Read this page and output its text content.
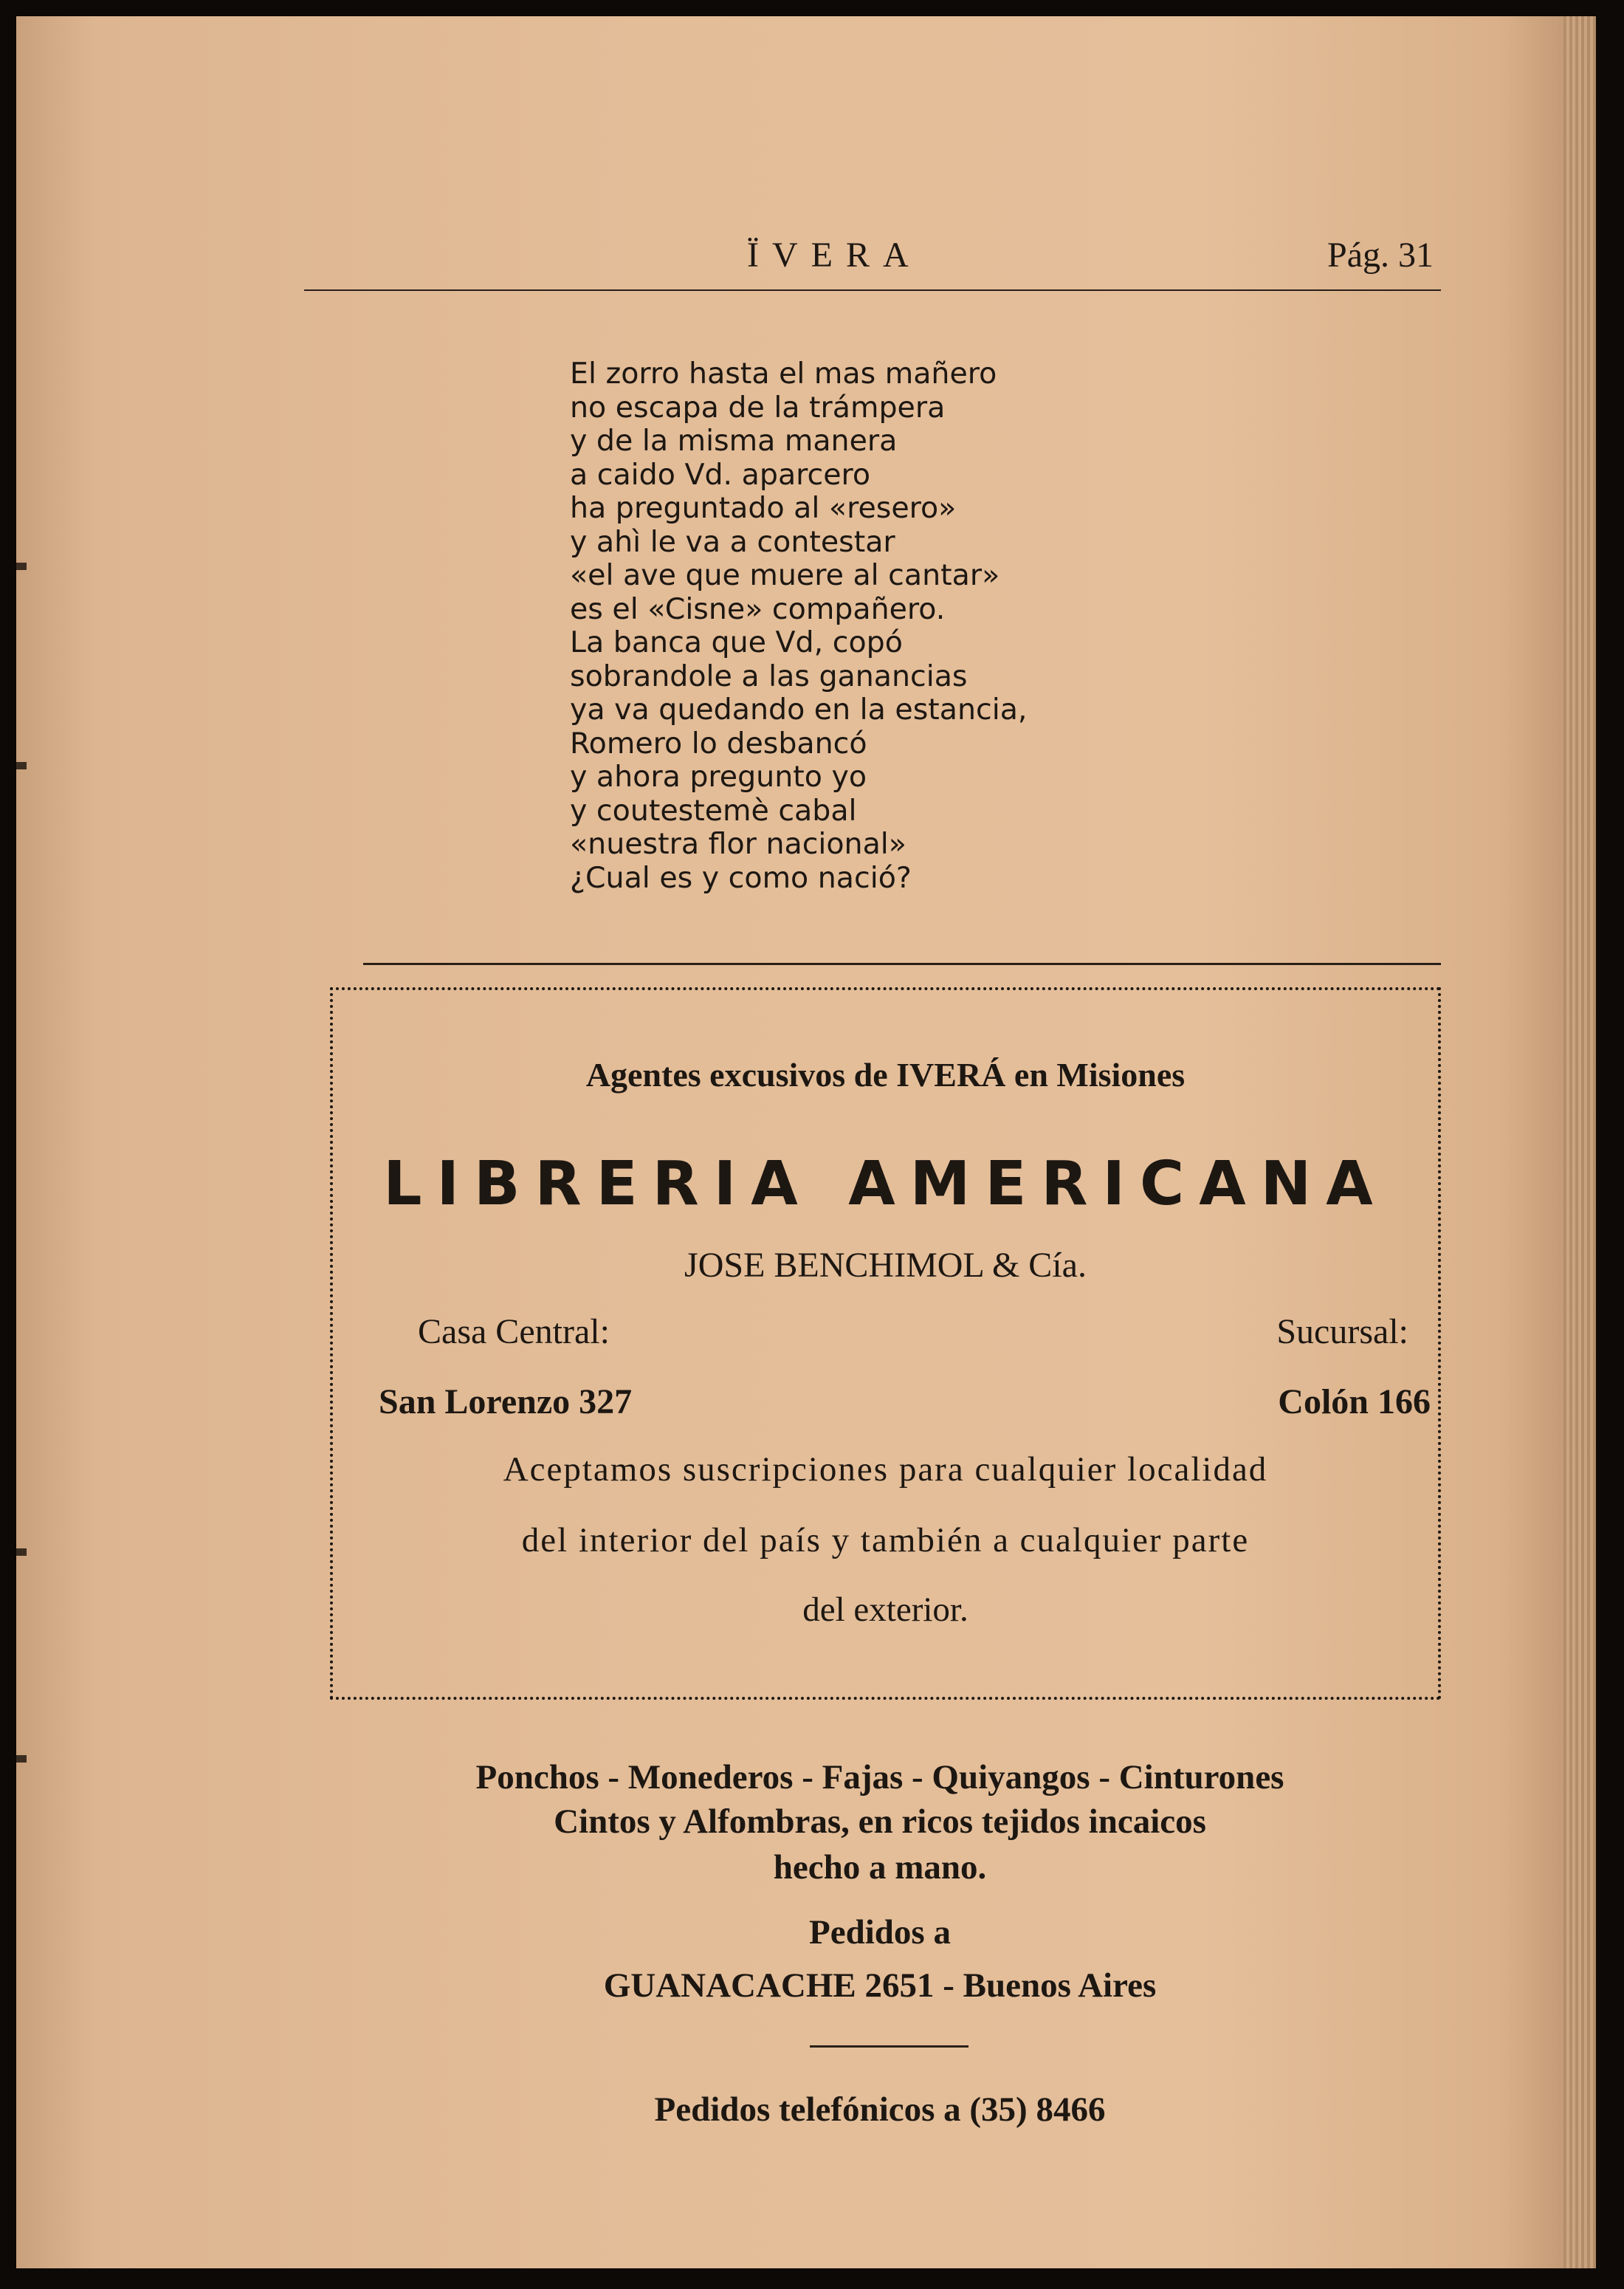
ÏVERA	Pág. 31
El zorro hasta el mas mañero
no escapa de la trámpera
y de la misma manera
a caido Vd. aparcero
ha preguntado al «resero»
y ahì le va a contestar
«el ave que muere al cantar»
es el «Cisne» compañero.
La banca que Vd, copó
sobrandole a las ganancias
ya va quedando en la estancia,
Romero lo desbancó
y ahora pregunto yo
y coutestemè cabal
«nuestra flor nacional»
¿Cual es y como nació?
Agentes excusivos de IVERÁ en Misiones
LIBRERIA AMERICANA
JOSE BENCHIMOL & Cía.
Casa Central:	Sucursal:
San Lorenzo 327	Colón 166
Aceptamos suscripciones para cualquier localidad
del interior del país y también a cualquier parte
del exterior.
Ponchos - Monederos - Fajas - Quiyangos - Cinturones
Cintos y Alfombras, en ricos tejidos incaicos
hecho a mano.
Pedidos a
GUANACACHE 2651 - Buenos Aires
Pedidos telefónicos a (35) 8466
